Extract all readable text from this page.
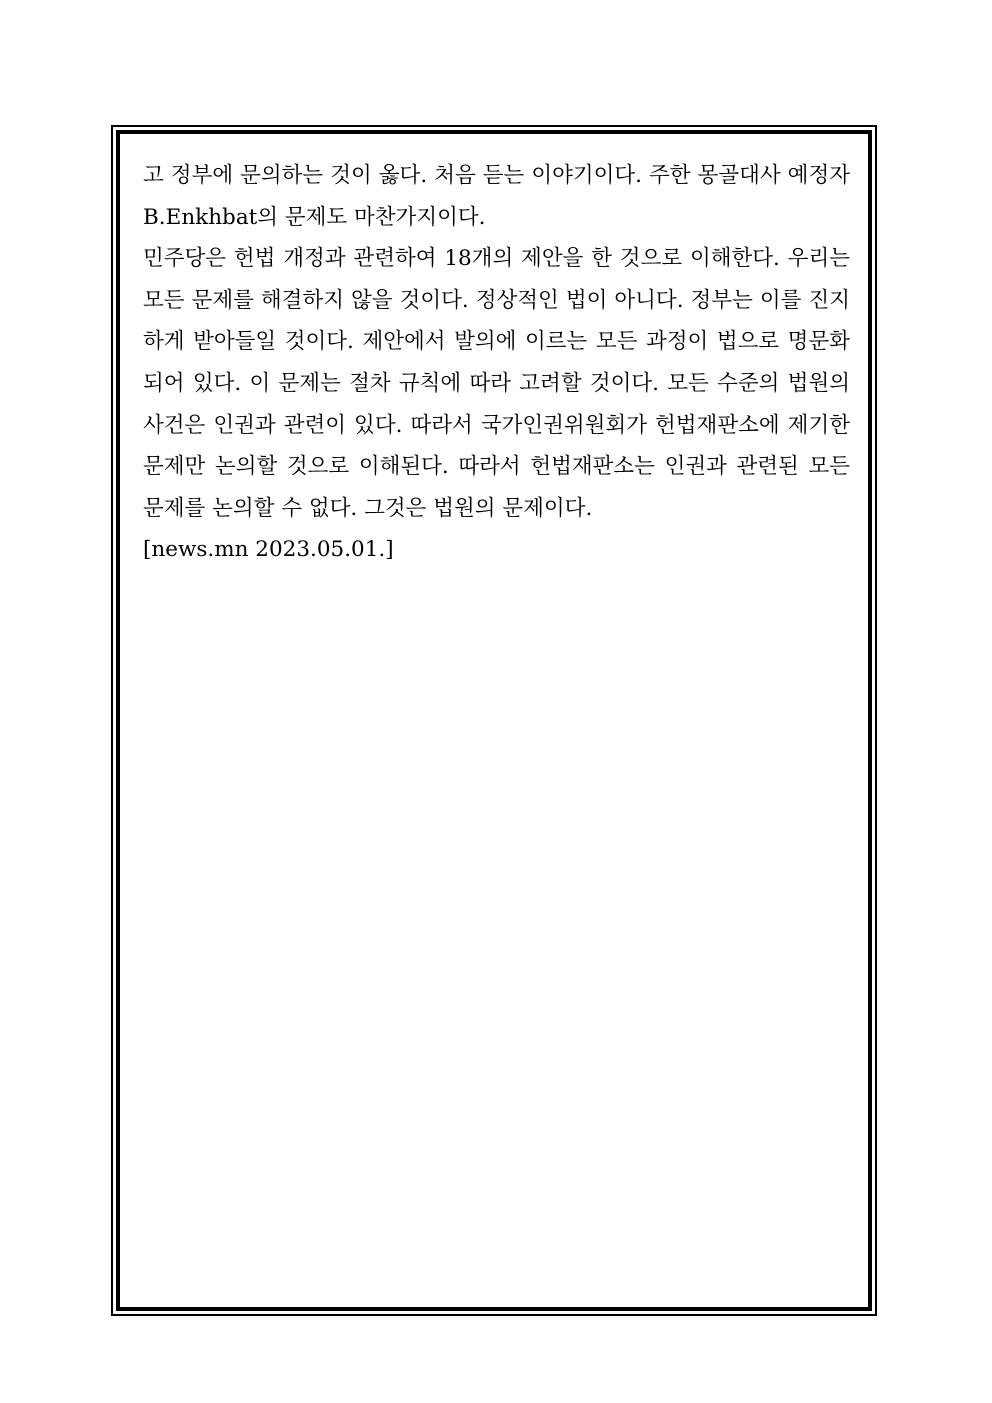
고 정부에 문의하는 것이 옳다. 처음 듣는 이야기이다. 주한 몽골대사 예정자 B.Enkhbat의 문제도 마찬가지이다.

민주당은 헌법 개정과 관련하여 18개의 제안을 한 것으로 이해한다. 우리는 모든 문제를 해결하지 않을 것이다. 정상적인 법이 아니다. 정부는 이를 진지하게 받아들일 것이다. 제안에서 발의에 이르는 모든 과정이 법으로 명문화되어 있다. 이 문제는 절차 규칙에 따라 고려할 것이다. 모든 수준의 법원의 사건은 인권과 관련이 있다. 따라서 국가인권위원회가 헌법재판소에 제기한 문제만 논의할 것으로 이해된다. 따라서 헌법재판소는 인권과 관련된 모든 문제를 논의할 수 없다. 그것은 법원의 문제이다.

[news.mn 2023.05.01.]
